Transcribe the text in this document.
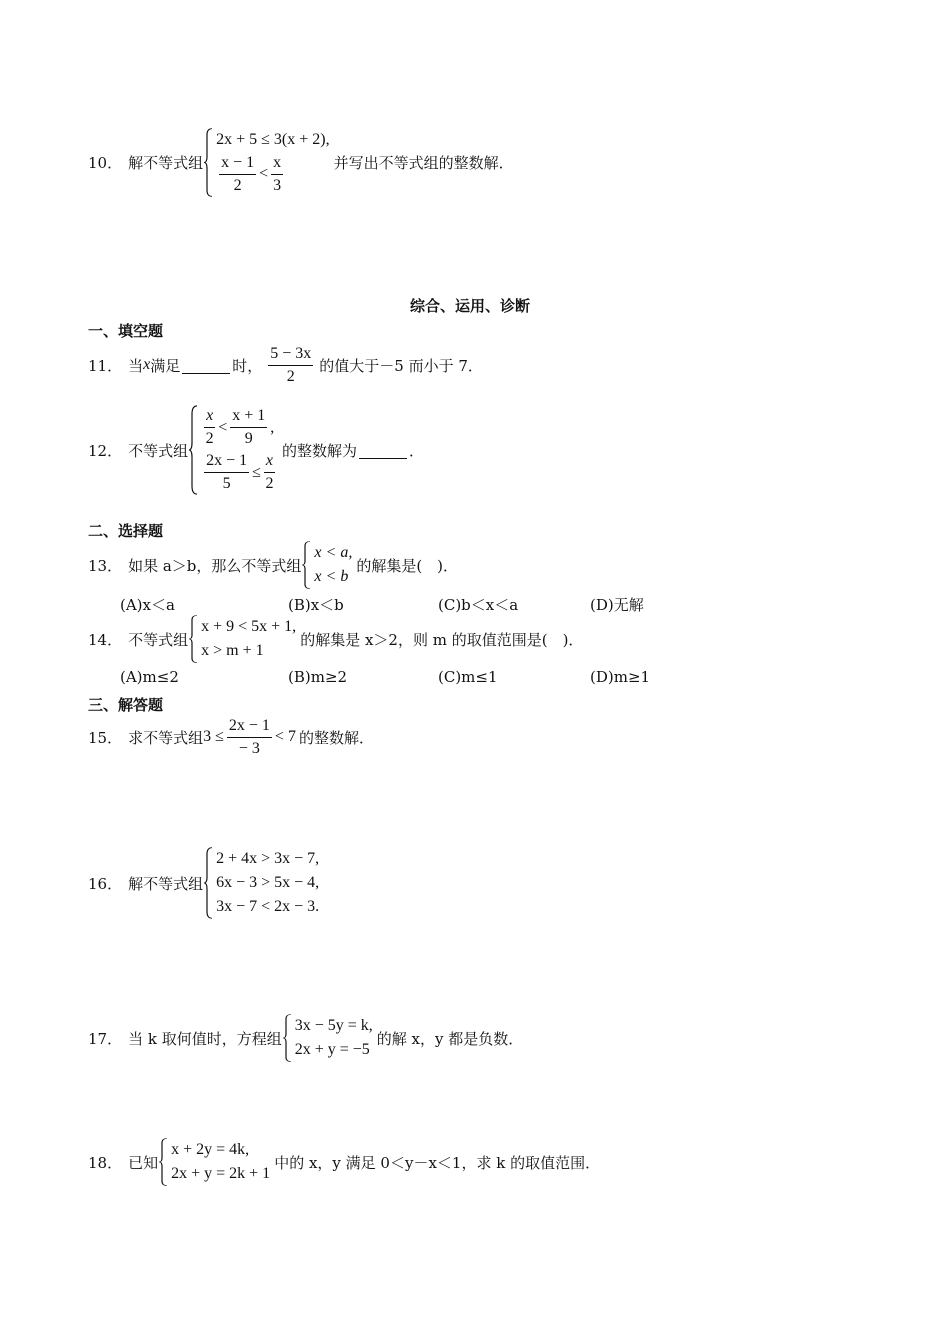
10． 解不等式组
2x + 5 ≤ 3(x + 2),
$\frac{x - 1}{2} < \frac{x}{3}$	并写出不等式组的整数解．
综合、运用、诊断
一、填空题
11． 当 x 满足	时， $\frac{5 - 3x}{2}$ 的值大于－5 而小于 7．
12． 不等式组
$\frac{x}{2} < \frac{x + 1}{9}$ ,
$\frac{2x - 1}{5} \le \frac{x}{2}$
的整数解为	．
二、选择题
13． 如果 a＞b，那么不等式组
x < a,
x < b
的解集是(　)．
(A)x＜a	(B)x＜b	(C)b＜x＜a	(D)无解
14． 不等式组
x + 9 < 5x + 1,
x > m + 1
的解集是 x＞2，则 m 的取值范围是(　)．
(A)m≤2	(B)m≥2	(C)m≤1	(D)m≥1
三、解答题
15． 求不等式组 $3 \le \frac{2x - 1}{- 3} < 7$ 的整数解．
16． 解不等式组
2 + 4x > 3x − 7,
6x − 3 > 5x − 4,
3x − 7 < 2x − 3.
17． 当 k 取何值时，方程组
3x − 5y = k,
2x + y = −5
的解 x，y 都是负数．
18． 已知
x + 2y = 4k,
2x + y = 2k + 1
中的 x，y 满足 0＜y－x＜1，求 k 的取值范围．
